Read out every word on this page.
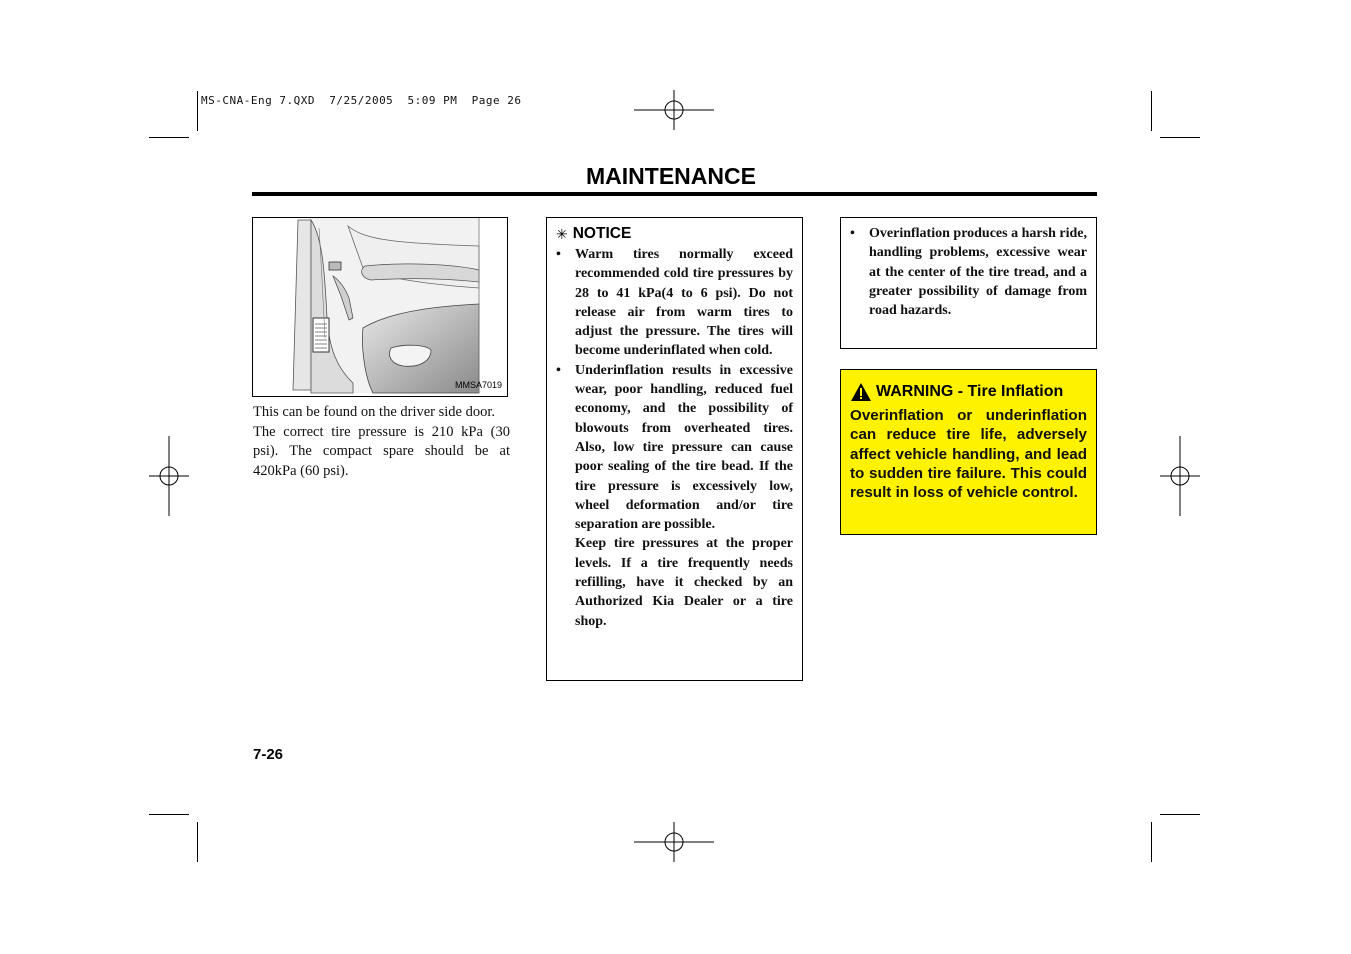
MS-CNA-Eng 7.QXD  7/25/2005  5:09 PM  Page 26
MAINTENANCE
MMSA7019

This can be found on the driver side door.

The correct tire pressure is 210 kPa (30 psi). The compact spare should be at 420kPa (60 psi).

✳ NOTICE
• Warm tires normally exceed recommended cold tire pressures by 28 to 41 kPa(4 to 6 psi). Do not release air from warm tires to adjust the pressure. The tires will become underinflated when cold.
• Underinflation results in excessive wear, poor handling, reduced fuel economy, and the possibility of blowouts from overheated tires. Also, low tire pressure can cause poor sealing of the tire bead. If the tire pressure is excessively low, wheel deformation and/or tire separation are possible.
Keep tire pressures at the proper levels. If a tire frequently needs refilling, have it checked by an Authorized Kia Dealer or a tire shop.
• Overinflation produces a harsh ride, handling problems, excessive wear at the center of the tire tread, and a greater possibility of damage from road hazards.
WARNING - Tire Inflation
Overinflation or underinflation can reduce tire life, adversely affect vehicle handling, and lead to sudden tire failure. This could result in loss of vehicle control.
7-26
